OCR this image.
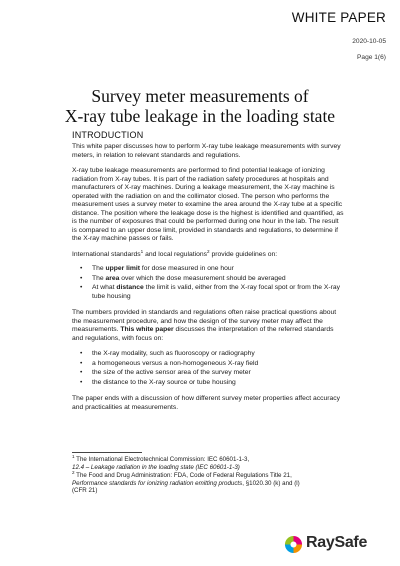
WHITE PAPER
2020-10-05
Page 1(6)
Survey meter measurements of
X-ray tube leakage in the loading state
INTRODUCTION
This white paper discusses how to perform X-ray tube leakage measurements with survey meters, in relation to relevant standards and regulations.
X-ray tube leakage measurements are performed to find potential leakage of ionizing radiation from X-ray tubes. It is part of the radiation safety procedures at hospitals and manufacturers of X-ray machines. During a leakage measurement, the X-ray machine is operated with the radiation on and the collimator closed. The person who performs the measurement uses a survey meter to examine the area around the X-ray tube at a specific distance. The position where the leakage dose is the highest is identified and quantified, as is the number of exposures that could be performed during one hour in the lab. The result is compared to an upper dose limit, provided in standards and regulations, to determine if the X-ray machine passes or fails.
International standards$^1$ and local regulations$^2$ provide guidelines on:
• The upper limit for dose measured in one hour
• The area over which the dose measurement should be averaged
• At what distance the limit is valid, either from the X-ray focal spot or from the X-ray tube housing
The numbers provided in standards and regulations often raise practical questions about the measurement procedure, and how the design of the survey meter may affect the measurements. This white paper discusses the interpretation of the referred standards and regulations, with focus on:
• the X-ray modality, such as fluoroscopy or radiography
• a homogeneous versus a non-homogeneous X-ray field
• the size of the active sensor area of the survey meter
• the distance to the X-ray source or tube housing
The paper ends with a discussion of how different survey meter properties affect accuracy and practicalities at measurements.
$^1$ The International Electrotechnical Commission: IEC 60601-1-3,
12.4 – Leakage radiation in the loading state (IEC 60601-1-3)
$^2$ The Food and Drug Administration: FDA, Code of Federal Regulations Title 21,
Performance standards for ionizing radiation emitting products, §1020.30 (k) and (l)
(CFR 21)
RaySafe
